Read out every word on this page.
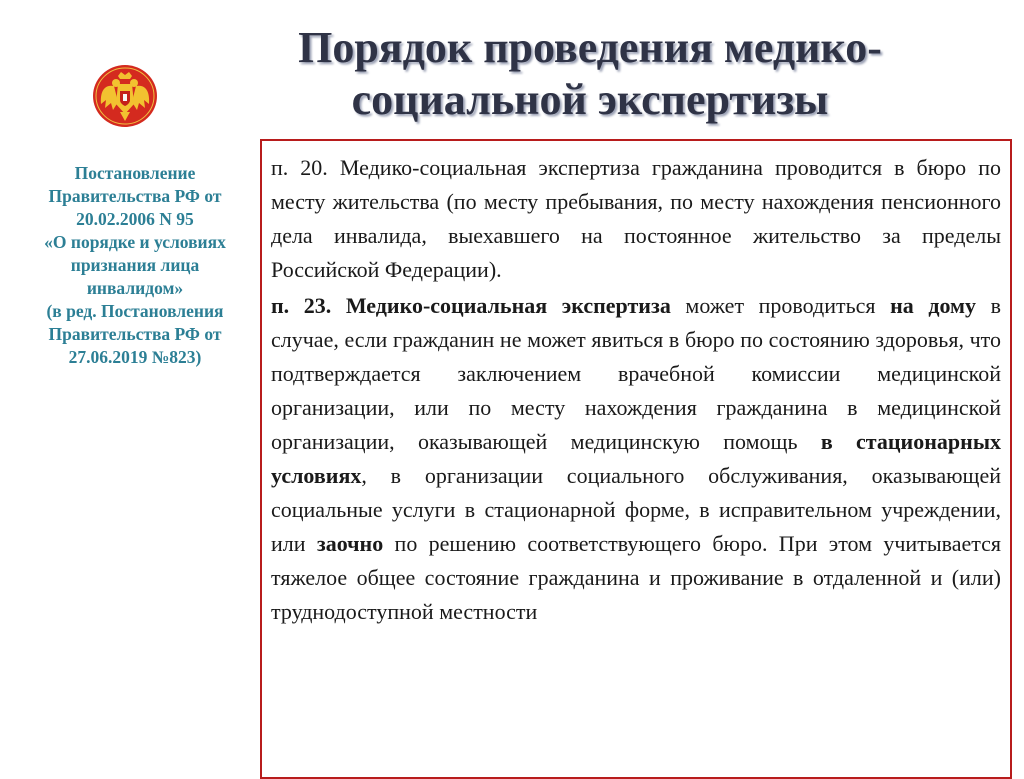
Порядок проведения медико-
социальной экспертизы
Постановление
Правительства РФ от
20.02.2006 N 95
«О порядке и условиях
признания лица
инвалидом»
(в ред. Постановления
Правительства РФ от
27.06.2019 №823)

п. 20. Медико-социальная экспертиза гражданина проводится в бюро по месту жительства (по месту пребывания, по месту нахождения пенсионного дела инвалида, выехавшего на постоянное жительство за пределы Российской Федерации).

п. 23. Медико-социальная экспертиза может проводиться на дому в случае, если гражданин не может явиться в бюро по состоянию здоровья, что подтверждается заключением врачебной комиссии медицинской организации, или по месту нахождения гражданина в медицинской организации, оказывающей медицинскую помощь в стационарных условиях, в организации социального обслуживания, оказывающей социальные услуги в стационарной форме, в исправительном учреждении, или заочно по решению соответствующего бюро. При этом учитывается тяжелое общее состояние гражданина и проживание в отдаленной и (или) труднодоступной местности
